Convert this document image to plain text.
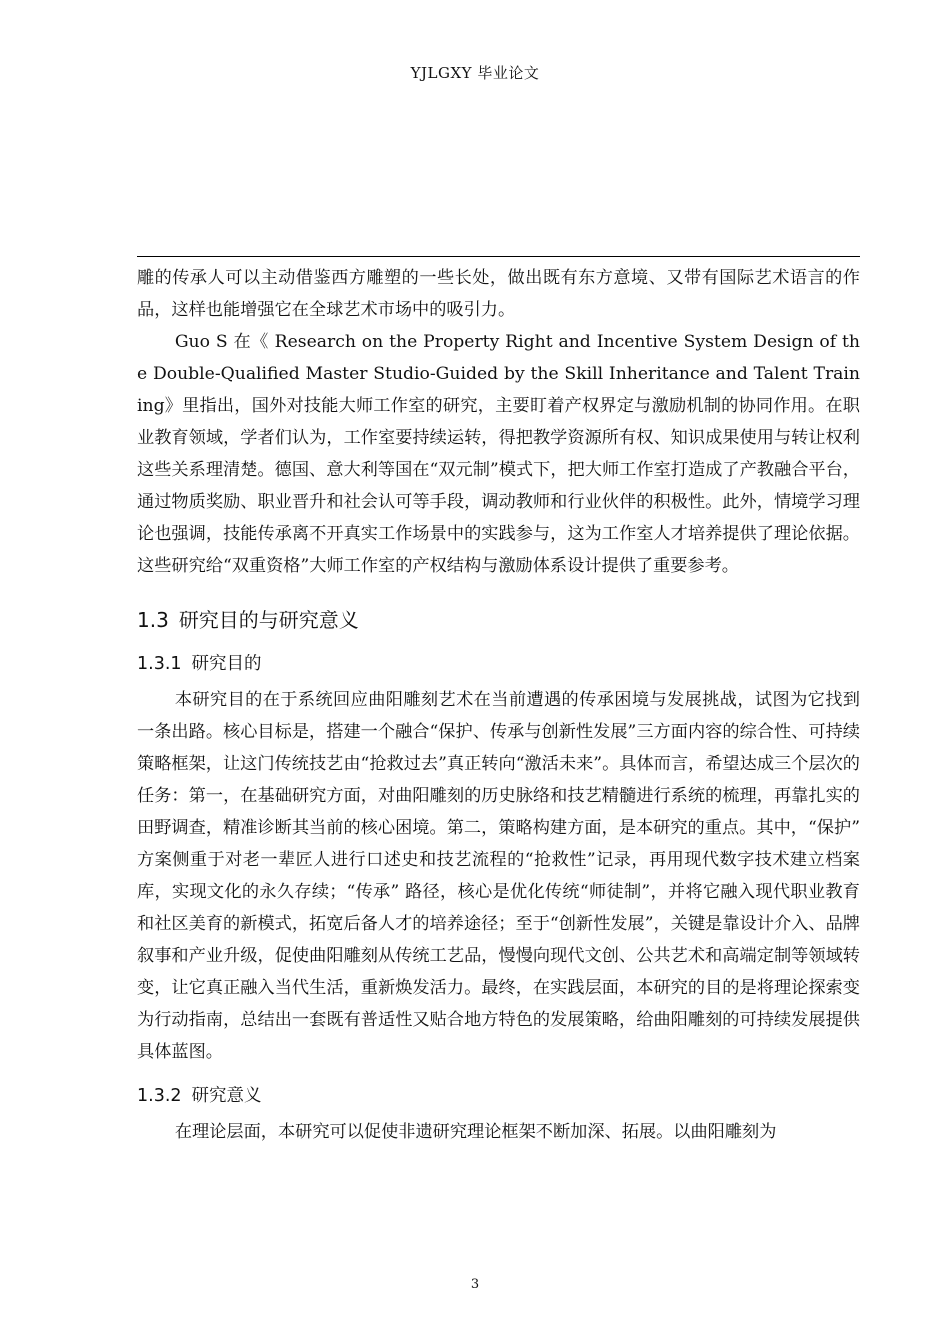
YJLGXY 毕业论文

雕的传承人可以主动借鉴西方雕塑的一些长处，做出既有东方意境、又带有国际艺术语言的作品，这样也能增强它在全球艺术市场中的吸引力。

Guo S 在《 Research on the Property Right and Incentive System Design of the Double-Qualified Master Studio-Guided by the Skill Inheritance and Talent Training》里指出，国外对技能大师工作室的研究，主要盯着产权界定与激励机制的协同作用。在职业教育领域，学者们认为，工作室要持续运转，得把教学资源所有权、知识成果使用与转让权利这些关系理清楚。德国、意大利等国在“双元制”模式下，把大师工作室打造成了产教融合平台，通过物质奖励、职业晋升和社会认可等手段，调动教师和行业伙伴的积极性。此外，情境学习理论也强调，技能传承离不开真实工作场景中的实践参与，这为工作室人才培养提供了理论依据。这些研究给“双重资格”大师工作室的产权结构与激励体系设计提供了重要参考。

1.3 研究目的与研究意义
1.3.1 研究目的

本研究目的在于系统回应曲阳雕刻艺术在当前遭遇的传承困境与发展挑战，试图为它找到一条出路。核心目标是，搭建一个融合“保护、传承与创新性发展”三方面内容的综合性、可持续策略框架，让这门传统技艺由“抢救过去”真正转向“激活未来”。具体而言，希望达成三个层次的任务：第一，在基础研究方面，对曲阳雕刻的历史脉络和技艺精髓进行系统的梳理，再靠扎实的田野调查，精准诊断其当前的核心困境。第二，策略构建方面，是本研究的重点。其中，“保护” 方案侧重于对老一辈匠人进行口述史和技艺流程的“抢救性”记录，再用现代数字技术建立档案库，实现文化的永久存续；“传承” 路径，核心是优化传统“师徒制”，并将它融入现代职业教育和社区美育的新模式，拓宽后备人才的培养途径；至于“创新性发展”，关键是靠设计介入、品牌叙事和产业升级，促使曲阳雕刻从传统工艺品，慢慢向现代文创、公共艺术和高端定制等领域转变，让它真正融入当代生活，重新焕发活力。最终，在实践层面，本研究的目的是将理论探索变为行动指南，总结出一套既有普适性又贴合地方特色的发展策略，给曲阳雕刻的可持续发展提供具体蓝图。

1.3.2 研究意义

在理论层面，本研究可以促使非遗研究理论框架不断加深、拓展。以曲阳雕刻为

3
